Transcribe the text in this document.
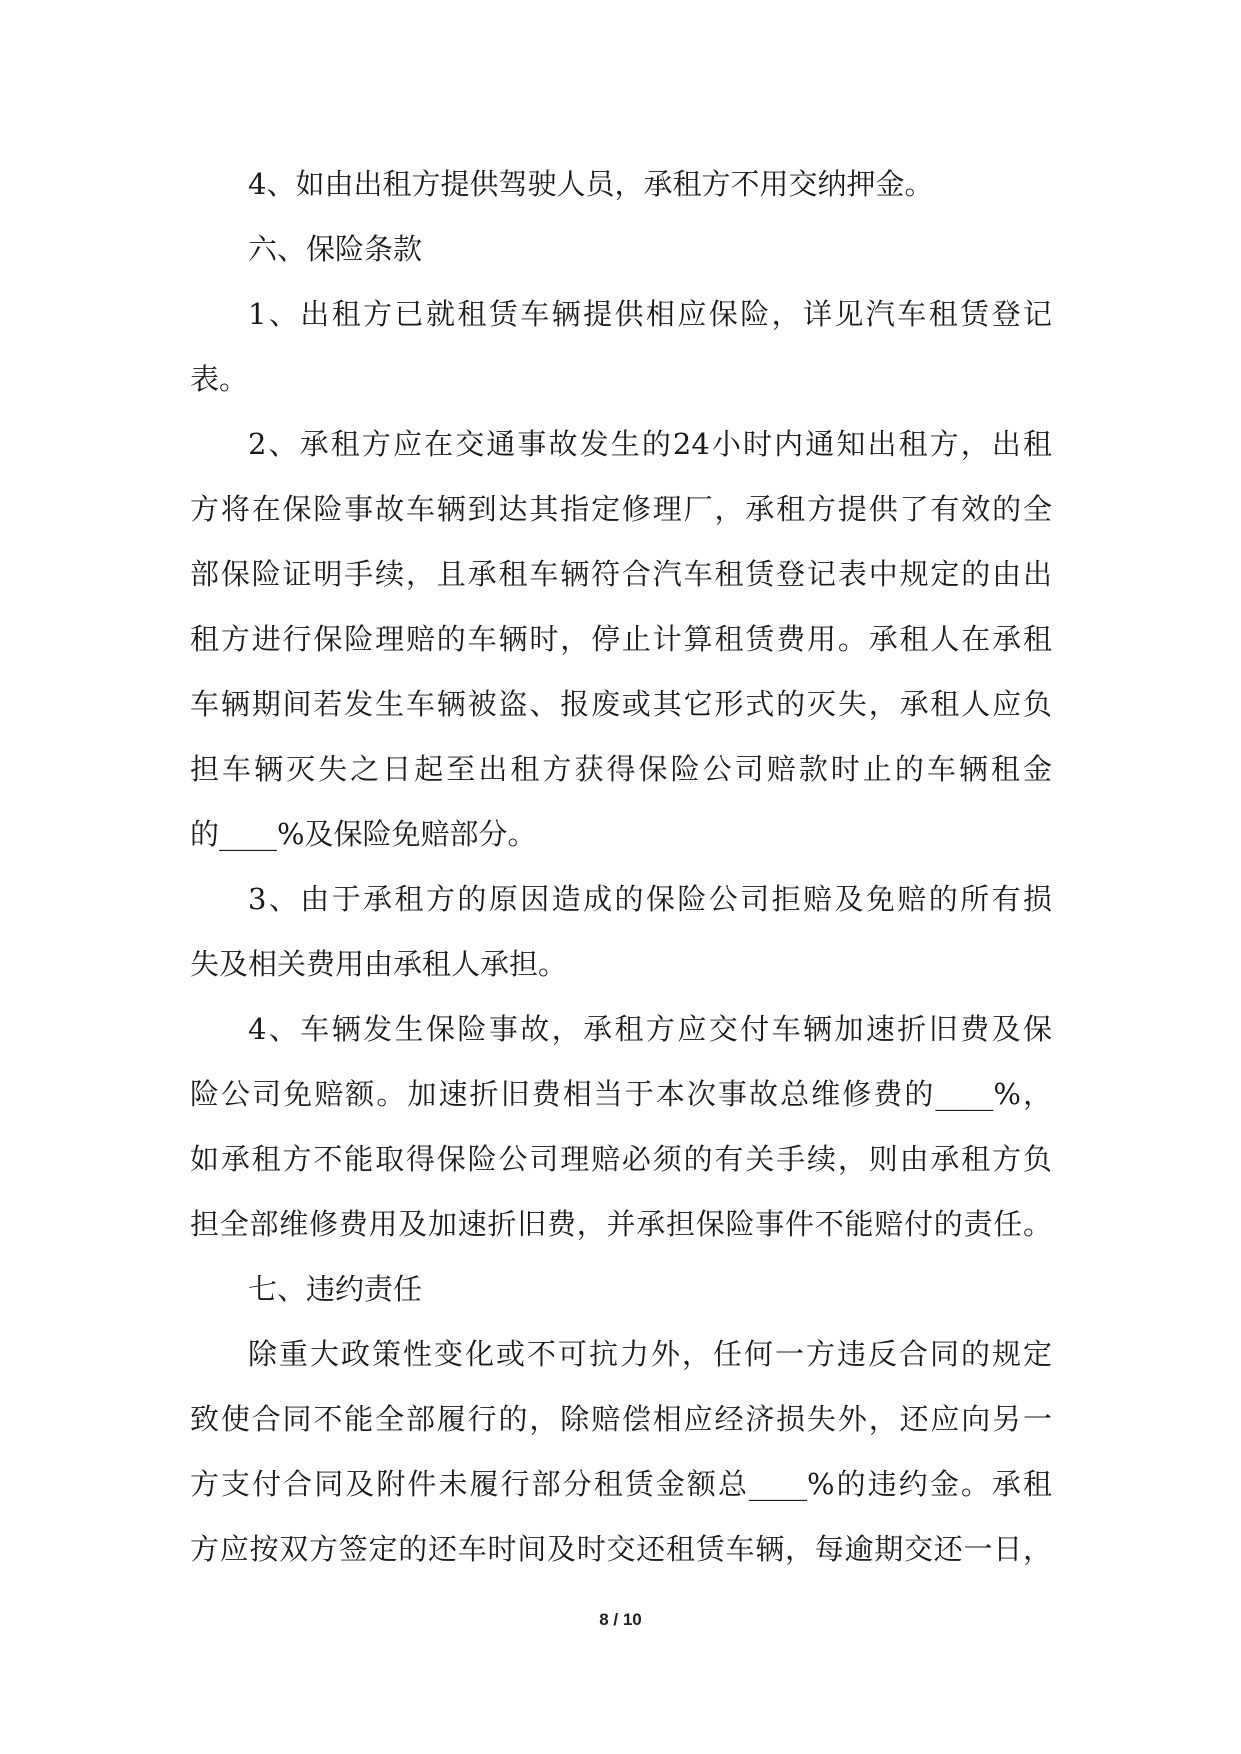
4、如由出租方提供驾驶人员，承租方不用交纳押金。
六、保险条款
1、出租方已就租赁车辆提供相应保险，详见汽车租赁登记
表。
2、承租方应在交通事故发生的24小时内通知出租方，出租
方将在保险事故车辆到达其指定修理厂，承租方提供了有效的全
部保险证明手续，且承租车辆符合汽车租赁登记表中规定的由出
租方进行保险理赔的车辆时，停止计算租赁费用。承租人在承租
车辆期间若发生车辆被盗、报废或其它形式的灭失，承租人应负
担车辆灭失之日起至出租方获得保险公司赔款时止的车辆租金
的____%及保险免赔部分。
3、由于承租方的原因造成的保险公司拒赔及免赔的所有损
失及相关费用由承租人承担。
4、车辆发生保险事故，承租方应交付车辆加速折旧费及保
险公司免赔额。加速折旧费相当于本次事故总维修费的____%，
如承租方不能取得保险公司理赔必须的有关手续，则由承租方负
担全部维修费用及加速折旧费，并承担保险事件不能赔付的责任。
七、违约责任
除重大政策性变化或不可抗力外，任何一方违反合同的规定
致使合同不能全部履行的，除赔偿相应经济损失外，还应向另一
方支付合同及附件未履行部分租赁金额总____%的违约金。承租
方应按双方签定的还车时间及时交还租赁车辆，每逾期交还一日，
8 / 10
